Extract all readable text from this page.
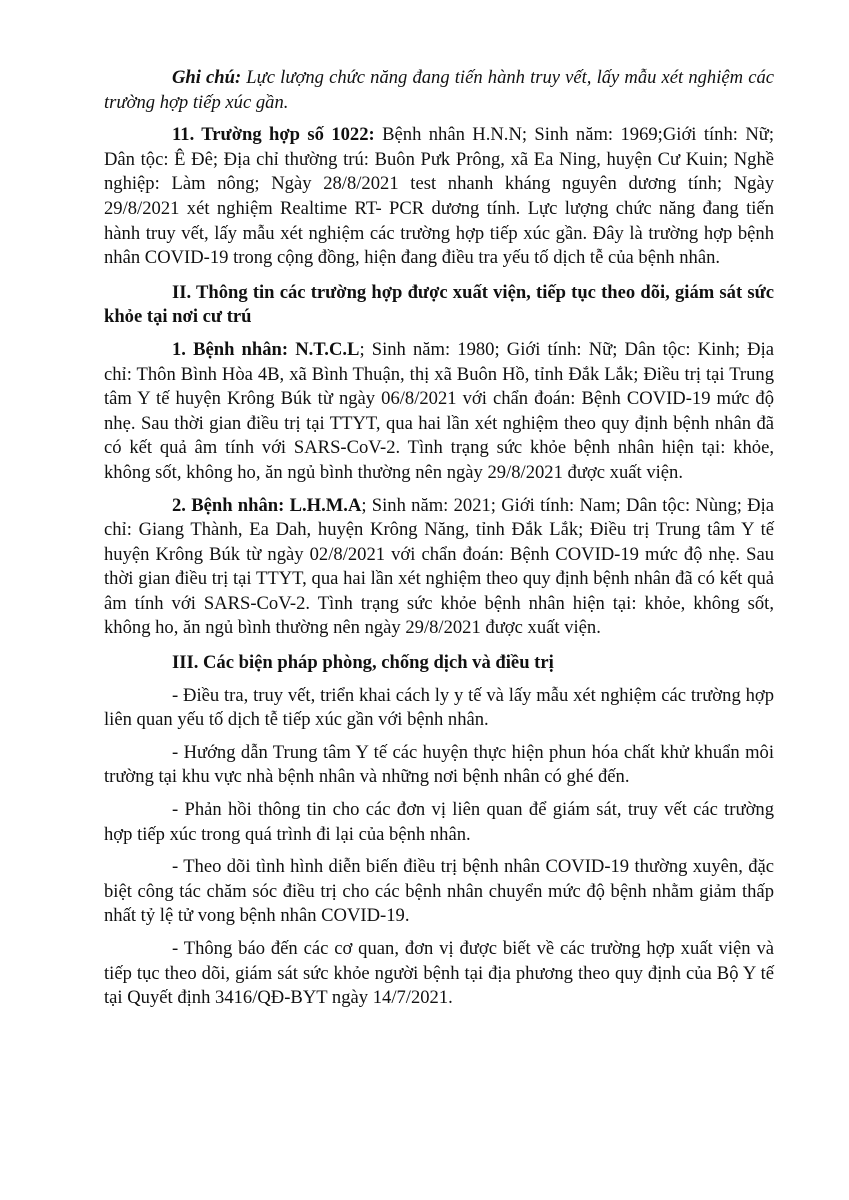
Ghi chú: Lực lượng chức năng đang tiến hành truy vết, lấy mẫu xét nghiệm các trường hợp tiếp xúc gần.

11. Trường hợp số 1022: Bệnh nhân H.N.N; Sinh năm: 1969;Giới tính: Nữ; Dân tộc: Ê Đê; Địa chỉ thường trú: Buôn Pưk Prông, xã Ea Ning, huyện Cư Kuin; Nghề nghiệp: Làm nông; Ngày 28/8/2021 test nhanh kháng nguyên dương tính; Ngày 29/8/2021 xét nghiệm Realtime RT- PCR dương tính. Lực lượng chức năng đang tiến hành truy vết, lấy mẫu xét nghiệm các trường hợp tiếp xúc gần. Đây là trường hợp bệnh nhân COVID-19 trong cộng đồng, hiện đang điều tra yếu tố dịch tễ của bệnh nhân.

II. Thông tin các trường hợp được xuất viện, tiếp tục theo dõi, giám sát sức khỏe tại nơi cư trú

1. Bệnh nhân: N.T.C.L; Sinh năm: 1980; Giới tính: Nữ; Dân tộc: Kinh; Địa chỉ: Thôn Bình Hòa 4B, xã Bình Thuận, thị xã Buôn Hồ, tỉnh Đắk Lắk; Điều trị tại Trung tâm Y tế huyện Krông Búk từ ngày 06/8/2021 với chẩn đoán: Bệnh COVID-19 mức độ nhẹ. Sau thời gian điều trị tại TTYT, qua hai lần xét nghiệm theo quy định bệnh nhân đã có kết quả âm tính với SARS-CoV-2. Tình trạng sức khỏe bệnh nhân hiện tại: khỏe, không sốt, không ho, ăn ngủ bình thường nên ngày 29/8/2021 được xuất viện.

2. Bệnh nhân: L.H.M.A; Sinh năm: 2021; Giới tính: Nam; Dân tộc: Nùng; Địa chỉ: Giang Thành, Ea Dah, huyện Krông Năng, tỉnh Đắk Lắk; Điều trị Trung tâm Y tế huyện Krông Búk từ ngày 02/8/2021 với chẩn đoán: Bệnh COVID-19 mức độ nhẹ. Sau thời gian điều trị tại TTYT, qua hai lần xét nghiệm theo quy định bệnh nhân đã có kết quả âm tính với SARS-CoV-2. Tình trạng sức khỏe bệnh nhân hiện tại: khỏe, không sốt, không ho, ăn ngủ bình thường nên ngày 29/8/2021 được xuất viện.

III. Các biện pháp phòng, chống dịch và điều trị

- Điều tra, truy vết, triển khai cách ly y tế và lấy mẫu xét nghiệm các trường hợp liên quan yếu tố dịch tễ tiếp xúc gần với bệnh nhân.

- Hướng dẫn Trung tâm Y tế các huyện thực hiện phun hóa chất khử khuẩn môi trường tại khu vực nhà bệnh nhân và những nơi bệnh nhân có ghé đến.

- Phản hồi thông tin cho các đơn vị liên quan để giám sát, truy vết các trường hợp tiếp xúc trong quá trình đi lại của bệnh nhân.

- Theo dõi tình hình diễn biến điều trị bệnh nhân COVID-19 thường xuyên, đặc biệt công tác chăm sóc điều trị cho các bệnh nhân chuyển mức độ bệnh nhằm giảm thấp nhất tỷ lệ tử vong bệnh nhân COVID-19.

- Thông báo đến các cơ quan, đơn vị được biết về các trường hợp xuất viện và tiếp tục theo dõi, giám sát sức khỏe người bệnh tại địa phương theo quy định của Bộ Y tế tại Quyết định 3416/QĐ-BYT ngày 14/7/2021.
